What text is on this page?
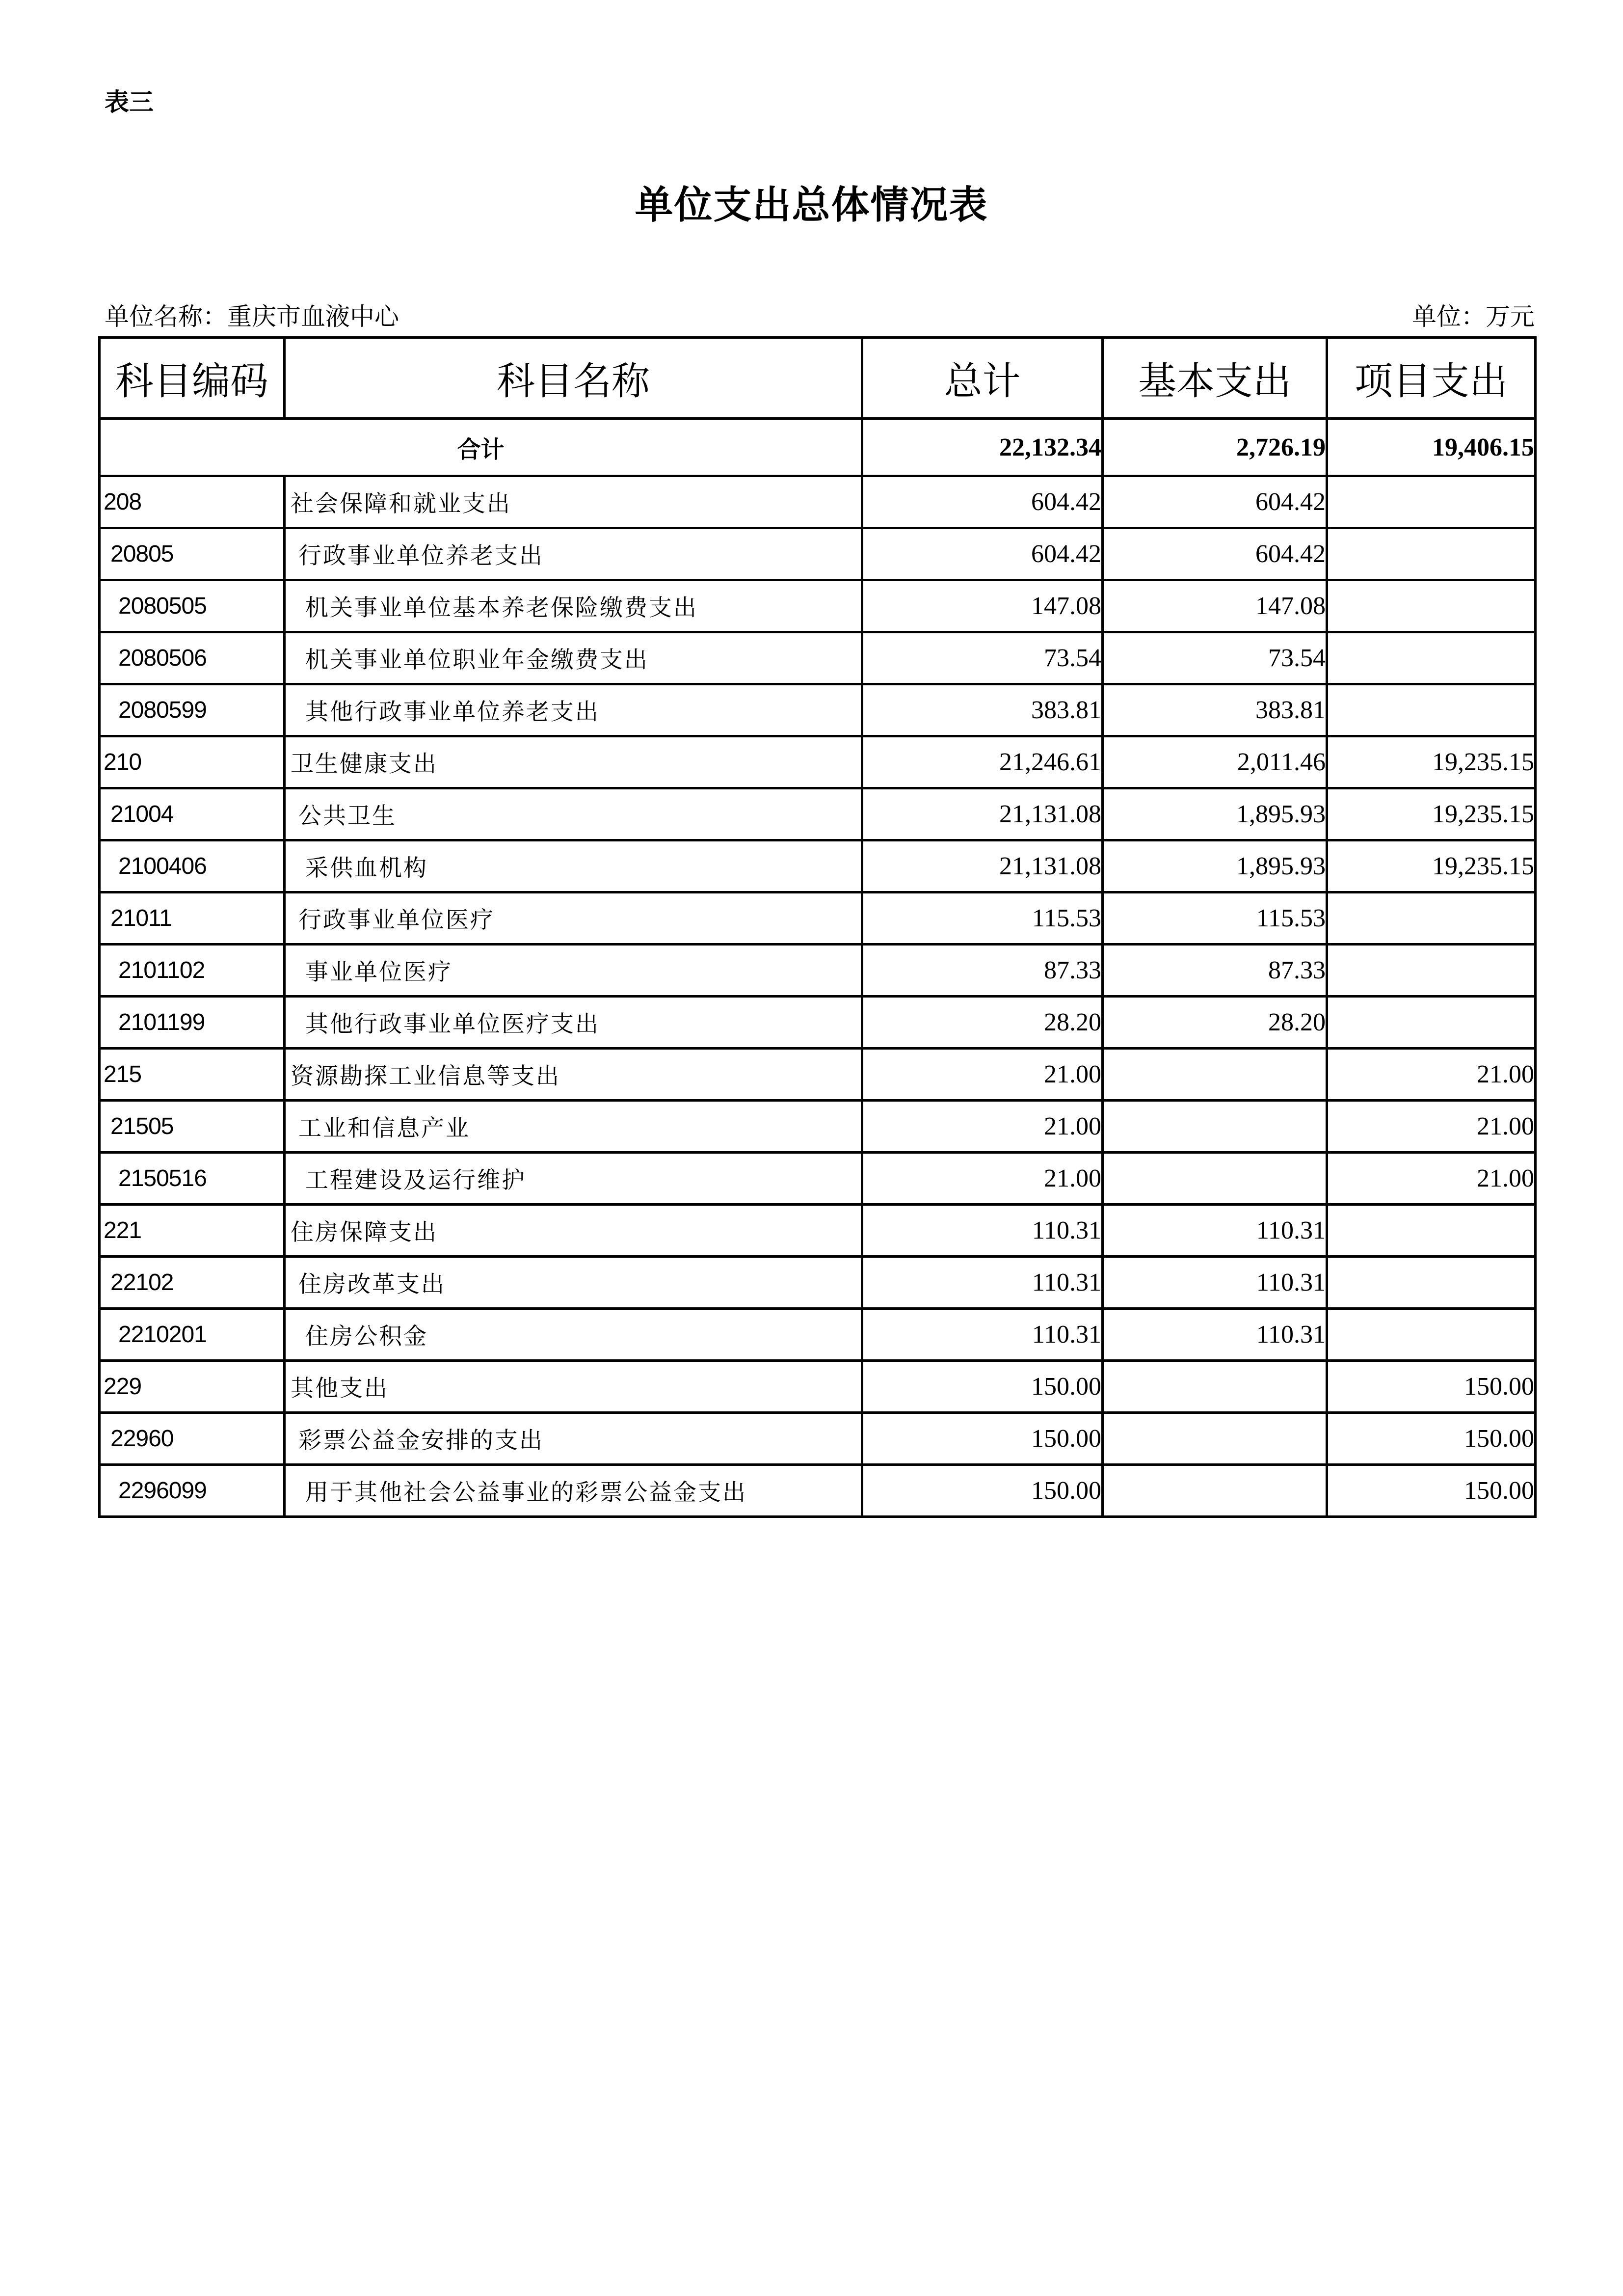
表三
单位支出总体情况表
单位名称：重庆市血液中心	单位：万元
科目编码	科目名称	总计	基本支出	项目支出
合计		22,132.34	2,726.19	19,406.15
208	社会保障和就业支出	604.42	604.42	
20805	行政事业单位养老支出	604.42	604.42	
2080505	机关事业单位基本养老保险缴费支出	147.08	147.08	
2080506	机关事业单位职业年金缴费支出	73.54	73.54	
2080599	其他行政事业单位养老支出	383.81	383.81	
210	卫生健康支出	21,246.61	2,011.46	19,235.15
21004	公共卫生	21,131.08	1,895.93	19,235.15
2100406	采供血机构	21,131.08	1,895.93	19,235.15
21011	行政事业单位医疗	115.53	115.53	
2101102	事业单位医疗	87.33	87.33	
2101199	其他行政事业单位医疗支出	28.20	28.20	
215	资源勘探工业信息等支出	21.00		21.00
21505	工业和信息产业	21.00		21.00
2150516	工程建设及运行维护	21.00		21.00
221	住房保障支出	110.31	110.31	
22102	住房改革支出	110.31	110.31	
2210201	住房公积金	110.31	110.31	
229	其他支出	150.00		150.00
22960	彩票公益金安排的支出	150.00		150.00
2296099	用于其他社会公益事业的彩票公益金支出	150.00		150.00
